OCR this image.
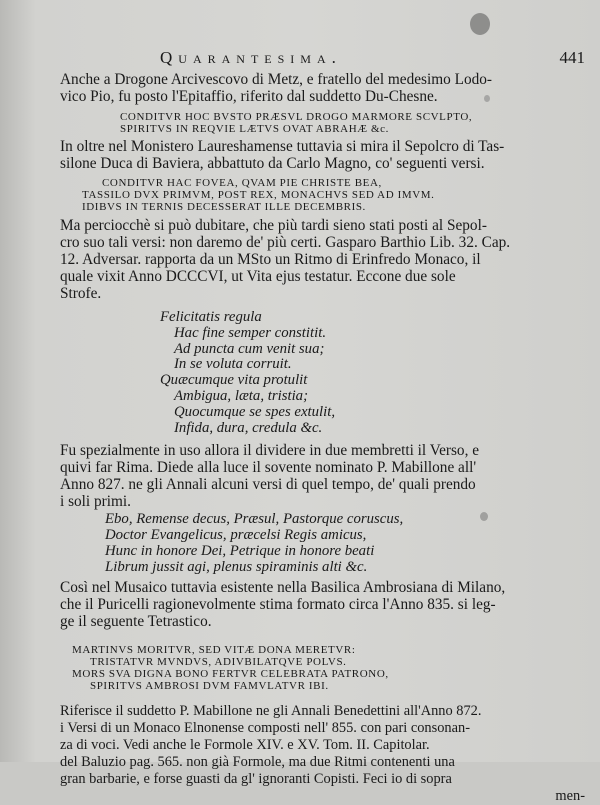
Quarantesima.	441

Anche a Drogone Arcivescovo di Metz, e fratello del medesimo Lodo-
vico Pio, fu posto l'Epitaffio, riferito dal suddetto Du-Chesne.

CONDITVR HOC BVSTO PRÆSVL DROGO MARMORE SCVLPTO,
SPIRITVS IN REQVIE LÆTVS OVAT ABRAHÆ &c.

In oltre nel Monistero Laureshamense tuttavia si mira il Sepolcro di Tas-
silone Duca di Baviera, abbattuto da Carlo Magno, co' seguenti versi.

CONDITVR HAC FOVEA, QVAM PIE CHRISTE BEA,
TASSILO DVX PRIMVM, POST REX, MONACHVS SED AD IMVM.
IDIBVS IN TERNIS DECESSERAT ILLE DECEMBRIS.

Ma perciocchè si può dubitare, che più tardi sieno stati posti al Sepol-
cro suo tali versi: non daremo de' più certi. Gasparo Barthio Lib. 32. Cap.
12. Adversar. rapporta da un MSto un Ritmo di Erinfredo Monaco, il
quale vixit Anno DCCCVI, ut Vita ejus testatur. Eccone due sole
Strofe.

Felicitatis regula
Hac fine semper constitit.
Ad puncta cum venit sua;
In se voluta corruit.
Quæcumque vita protulit
Ambigua, læta, tristia;
Quocumque se spes extulit,
Infida, dura, credula &c.

Fu spezialmente in uso allora il dividere in due membretti il Verso, e
quivi far Rima. Diede alla luce il sovente nominato P. Mabillone all'
Anno 827. ne gli Annali alcuni versi di quel tempo, de' quali prendo
i soli primi.

Ebo, Remense decus, Præsul, Pastorque coruscus,
Doctor Evangelicus, præcelsi Regis amicus,
Hunc in honore Dei, Petrique in honore beati
Librum jussit agi, plenus spiraminis alti &c.

Così nel Musaico tuttavia esistente nella Basilica Ambrosiana di Milano,
che il Puricelli ragionevolmente stima formato circa l'Anno 835. si leg-
ge il seguente Tetrastico.

MARTINVS MORITVR, SED VITÆ DONA MERETVR:
TRISTATVR MVNDVS, ADIVBILATQVE POLVS.
MORS SVA DIGNA BONO FERTVR CELEBRATA PATRONO,
SPIRITVS AMBROSI DVM FAMVLATVR IBI.

Riferisce il suddetto P. Mabillone ne gli Annali Benedettini all'Anno 872.
i Versi di un Monaco Elnonense composti nell' 855. con pari consonan-
za di voci. Vedi anche le Formole XIV. e XV. Tom. II. Capitolar.
del Baluzio pag. 565. non già Formole, ma due Ritmi contenenti una
gran barbarie, e forse guasti da gl' ignoranti Copisti. Feci io di sopra
men-
